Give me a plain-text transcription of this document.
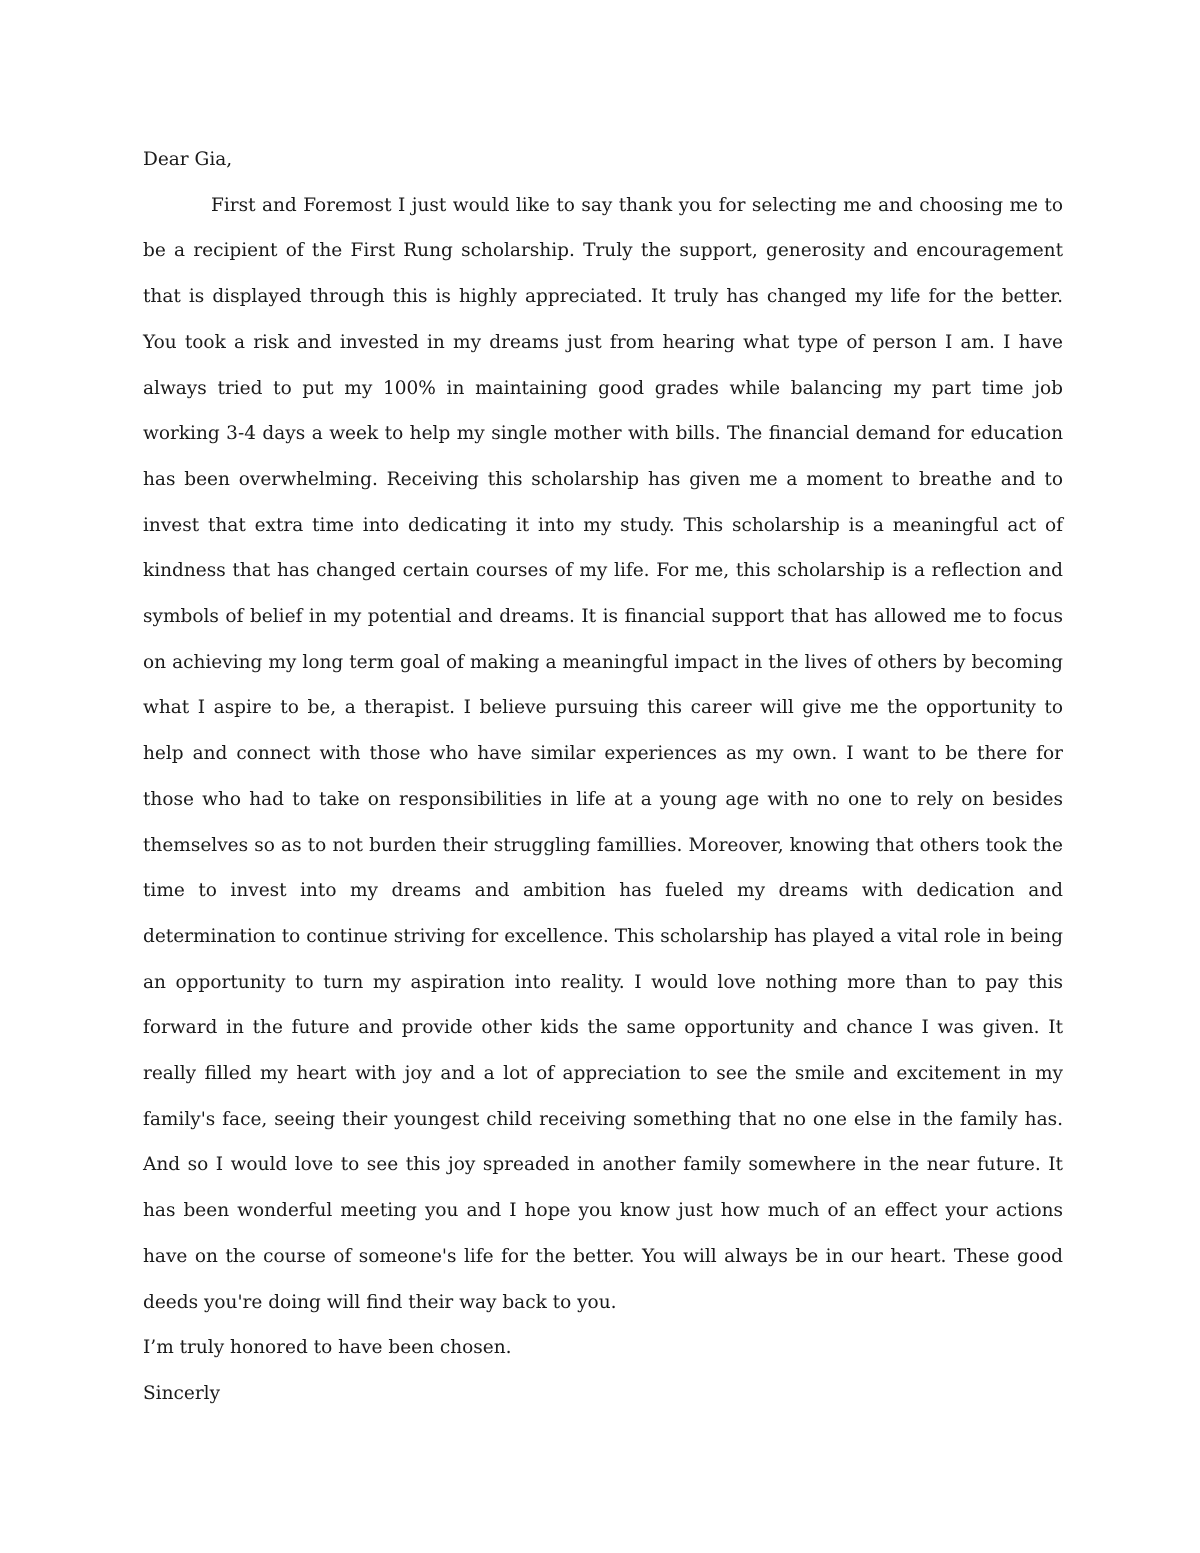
Dear Gia,

First and Foremost I just would like to say thank you for selecting me and choosing me to be a recipient of the First Rung scholarship. Truly the support, generosity and encouragement that is displayed through this is highly appreciated. It truly has changed my life for the better. You took a risk and invested in my dreams just from hearing what type of person I am. I have always tried to put my 100% in maintaining good grades while balancing my part time job working 3-4 days a week to help my single mother with bills. The financial demand for education has been overwhelming. Receiving this scholarship has given me a moment to breathe and to invest that extra time into dedicating it into my study. This scholarship is a meaningful act of kindness that has changed certain courses of my life. For me, this scholarship is a reflection and symbols of belief in my potential and dreams. It is financial support that has allowed me to focus on achieving my long term goal of making a meaningful impact in the lives of others by becoming what I aspire to be, a therapist. I believe pursuing this career will give me the opportunity to help and connect with those who have similar experiences as my own. I want to be there for those who had to take on responsibilities in life at a young age with no one to rely on besides themselves so as to not burden their struggling famillies. Moreover, knowing that others took the time to invest into my dreams and ambition has fueled my dreams with dedication and determination to continue striving for excellence. This scholarship has played a vital role in being an opportunity to turn my aspiration into reality. I would love nothing more than to pay this forward in the future and provide other kids the same opportunity and chance I was given. It really filled my heart with joy and a lot of appreciation to see the smile and excitement in my family's face, seeing their youngest child receiving something that no one else in the family has. And so I would love to see this joy spreaded in another family somewhere in the near future. It has been wonderful meeting you and I hope you know just how much of an effect your actions have on the course of someone's life for the better. You will always be in our heart. These good deeds you're doing will find their way back to you.

I’m truly honored to have been chosen.

Sincerly
